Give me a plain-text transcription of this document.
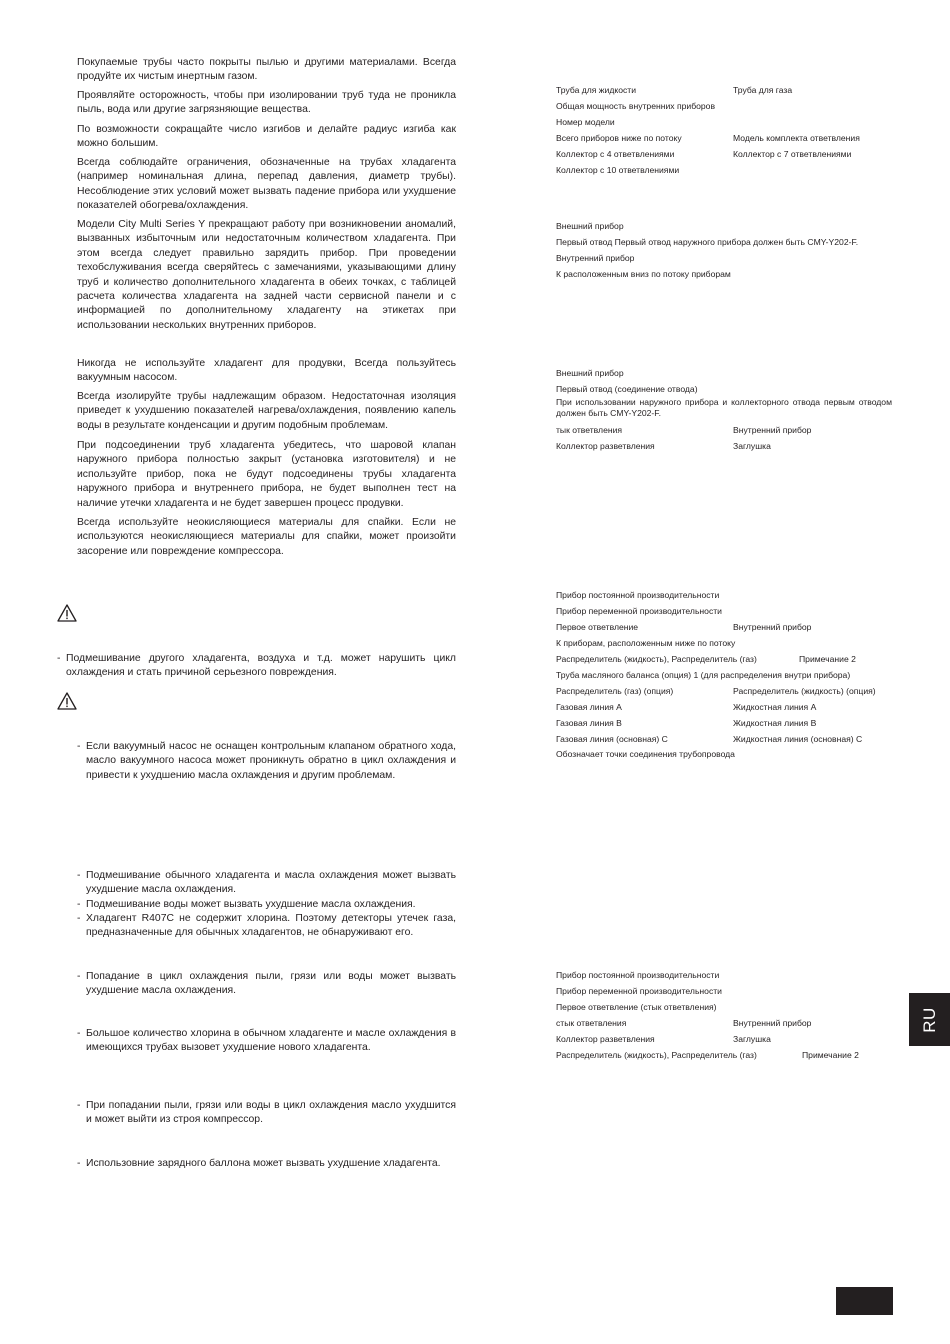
Покупаемые трубы часто покрыты пылью и другими материалами. Всегда продуйте их чистым инертным газом.

Проявляйте осторожность, чтобы при изолировании труб туда не проникла пыль, вода или другие загрязняющие вещества.

По возможности сокращайте число изгибов и делайте радиус изгиба как можно большим.

Всегда соблюдайте ограничения, обозначенные на трубах хладагента (например номинальная длина, перепад давления, диаметр трубы). Несоблюдение этих условий может вызвать падение прибора или ухудшение показателей обогрева/охлаждения.

Модели City Multi Series Y прекращают работу при возникновении аномалий, вызванных избыточным или недостаточным количеством хладагента. При этом всегда следует правильно зарядить прибор. При проведении техобслуживания всегда сверяйтесь с замечаниями, указывающими длину труб и количество дополнительного хладагента в обеих точках, с таблицей расчета количества хладагента на задней части сервисной панели и с информацией по дополнительному хладагенту на этикетах при использовании нескольких внутренних приборов.

Никогда не используйте хладагент для продувки, Всегда пользуйтесь вакуумным насосом.

Всегда изолируйте трубы надлежащим образом. Недостаточная изоляция приведет к ухудшению показателей нагрева/охлаждения, появлению капель воды в результате конденсации и другим подобным проблемам.

При подсоединении труб хладагента убедитесь, что шаровой клапан наружного прибора полностью закрыт (установка изготовителя) и не используйте прибор, пока не будут подсоединены трубы хладагента наружного прибора и внутреннего прибора, не будет выполнен тест на наличие утечки хладагента и не будет завершен процесс продувки.

Всегда используйте неокисляющиеся материалы для спайки. Если не используются неокисляющиеся материалы для спайки, может произойти засорение или повреждение компрессора.

- Подмешивание другого хладагента, воздуха и т.д. может нарушить цикл охлаждения и стать причиной серьезного повреждения.
- Если вакуумный насос не оснащен контрольным клапаном обратного хода, масло вакуумного насоса может проникнуть обратно в цикл охлаждения и привести к ухудшению масла охлаждения и другим проблемам.
- Подмешивание обычного хладагента и масла охлаждения может вызвать ухудшение масла охлаждения.
- Подмешивание воды может вызвать ухудшение масла охлаждения.
- Хладагент R407C не содержит хлорина. Поэтому детекторы утечек газа, предназначенные для обычных хладагентов, не обнаруживают его.
- Попадание в цикл охлаждения пыли, грязи или воды может вызвать ухудшение масла охлаждения.
- Большое количество хлорина в обычном хладагенте и масле охлаждения в имеющихся трубах вызовет ухудшение нового хладагента.
- При попадании пыли, грязи или воды в цикл охлаждения масло ухудшится и может выйти из строя компрессор.
- Использовние зарядного баллона может вызвать ухудшение хладагента.
Труба для жидкости	Труба для газа
Общая мощность внутренних приборов
Номер модели
Всего приборов ниже по потоку	Модель комплекта ответвления
Коллектор с 4 ответвлениями	Коллектор с 7 ответвлениями
Коллектор с 10 ответвлениями
Внешний прибор
Первый отвод Первый отвод наружного прибора должен быть CMY-Y202-F.
Внутренний прибор
К расположенным вниз по потоку приборам
Внешний прибор
Первый отвод (соединение отвода)
При использовании наружного прибора и коллекторного отвода первым отводом должен быть CMY-Y202-F.
тык ответвления	Внутренний прибор
Коллектор разветвления	Заглушка
Прибор постоянной производительности
Прибор переменной производительности
Первое ответвление	Внутренний прибор
К приборам, расположенным ниже по потоку
Распределитель (жидкость), Распределитель (газ)	Примечание 2
Труба масляного баланса (опция) 1 (для распределения внутри прибора)
Распределитель (газ) (опция)	Распределитель (жидкость) (опция)
Газовая линия A	Жидкостная линия A
Газовая линия B	Жидкостная линия B
Газовая линия (основная) C	Жидкостная линия (основная) C
Обозначает точки соединения трубопровода
Прибор постоянной производительности
Прибор переменной производительности
Первое ответвление (стык ответвления)
стык ответвления	Внутренний прибор
Коллектор разветвления	Заглушка
Распределитель (жидкость), Распределитель (газ)	Примечание 2
RU
